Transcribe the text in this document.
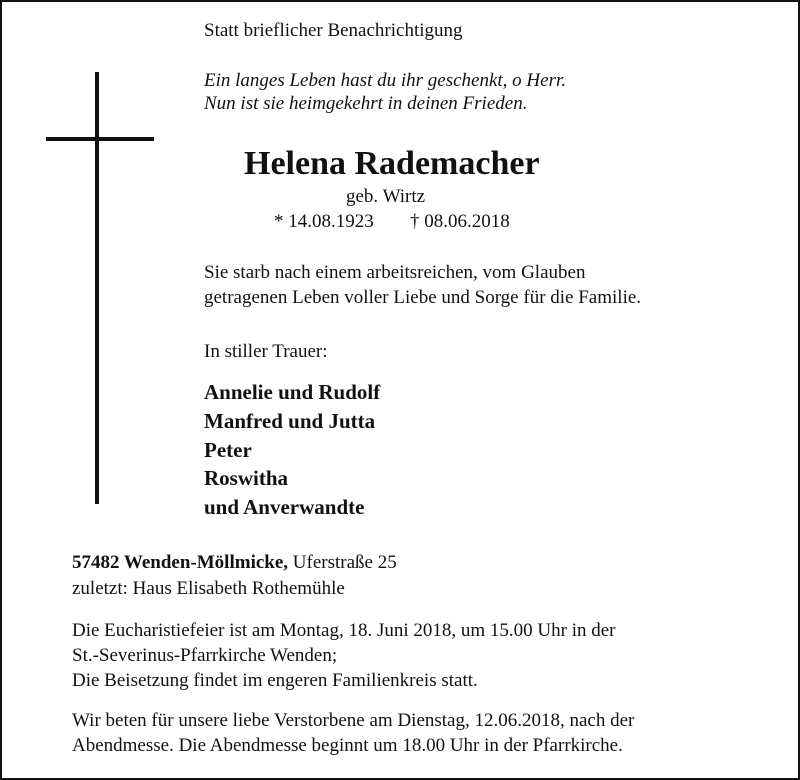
Statt brieflicher Benachrichtigung
Ein langes Leben hast du ihr geschenkt, o Herr.
Nun ist sie heimgekehrt in deinen Frieden.
Helena Rademacher
geb. Wirtz
* 14.08.1923 † 08.06.2018
Sie starb nach einem arbeitsreichen, vom Glauben
getragenen Leben voller Liebe und Sorge für die Familie.
In stiller Trauer:
Annelie und Rudolf
Manfred und Jutta
Peter
Roswitha
und Anverwandte
57482 Wenden-Möllmicke, Uferstraße 25
zuletzt: Haus Elisabeth Rothemühle
Die Eucharistiefeier ist am Montag, 18. Juni 2018, um 15.00 Uhr in der
St.-Severinus-Pfarrkirche Wenden;
Die Beisetzung findet im engeren Familienkreis statt.
Wir beten für unsere liebe Verstorbene am Dienstag, 12.06.2018, nach der
Abendmesse. Die Abendmesse beginnt um 18.00 Uhr in der Pfarrkirche.
